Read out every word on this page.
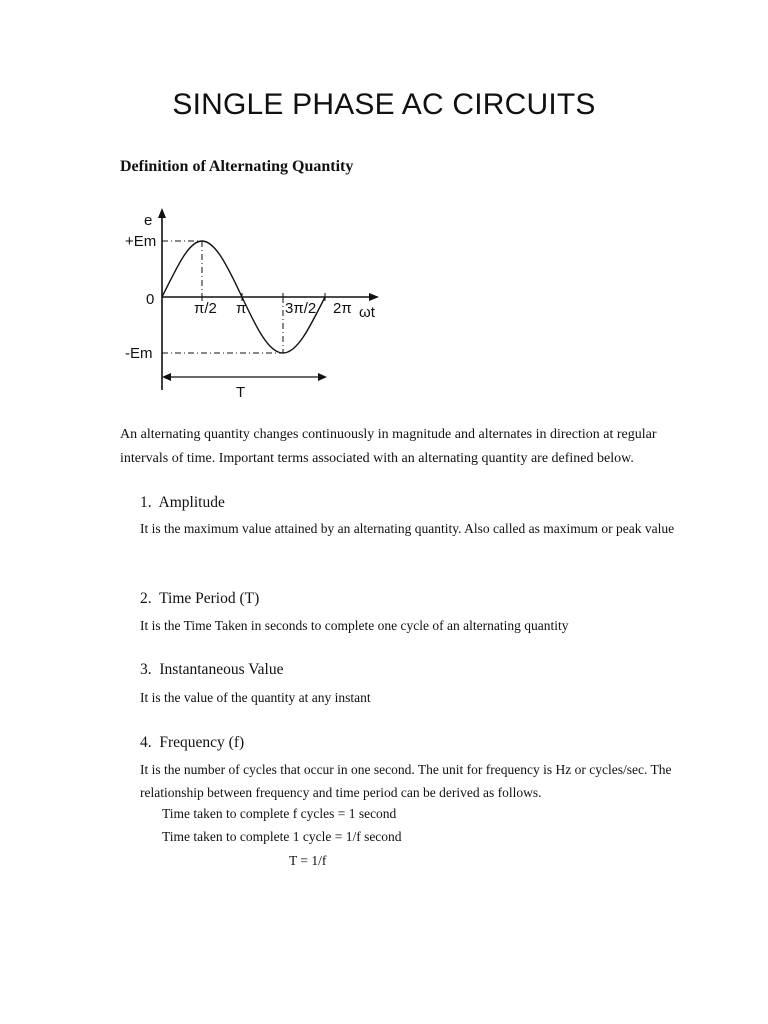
SINGLE PHASE AC CIRCUITS
Definition of Alternating Quantity
e
+Em
0
-Em
π/2 π	3π/2 2π ωt
T
An alternating quantity changes continuously in magnitude and alternates in direction at regular intervals of time. Important terms associated with an alternating quantity are defined below.
1. Amplitude
It is the maximum value attained by an alternating quantity. Also called as maximum or peak value
2. Time Period (T)
It is the Time Taken in seconds to complete one cycle of an alternating quantity
3. Instantaneous Value
It is the value of the quantity at any instant
4. Frequency (f)
It is the number of cycles that occur in one second. The unit for frequency is Hz or cycles/sec. The relationship between frequency and time period can be derived as follows.
Time taken to complete f cycles = 1 second
Time taken to complete 1 cycle = 1/f second
T = 1/f
